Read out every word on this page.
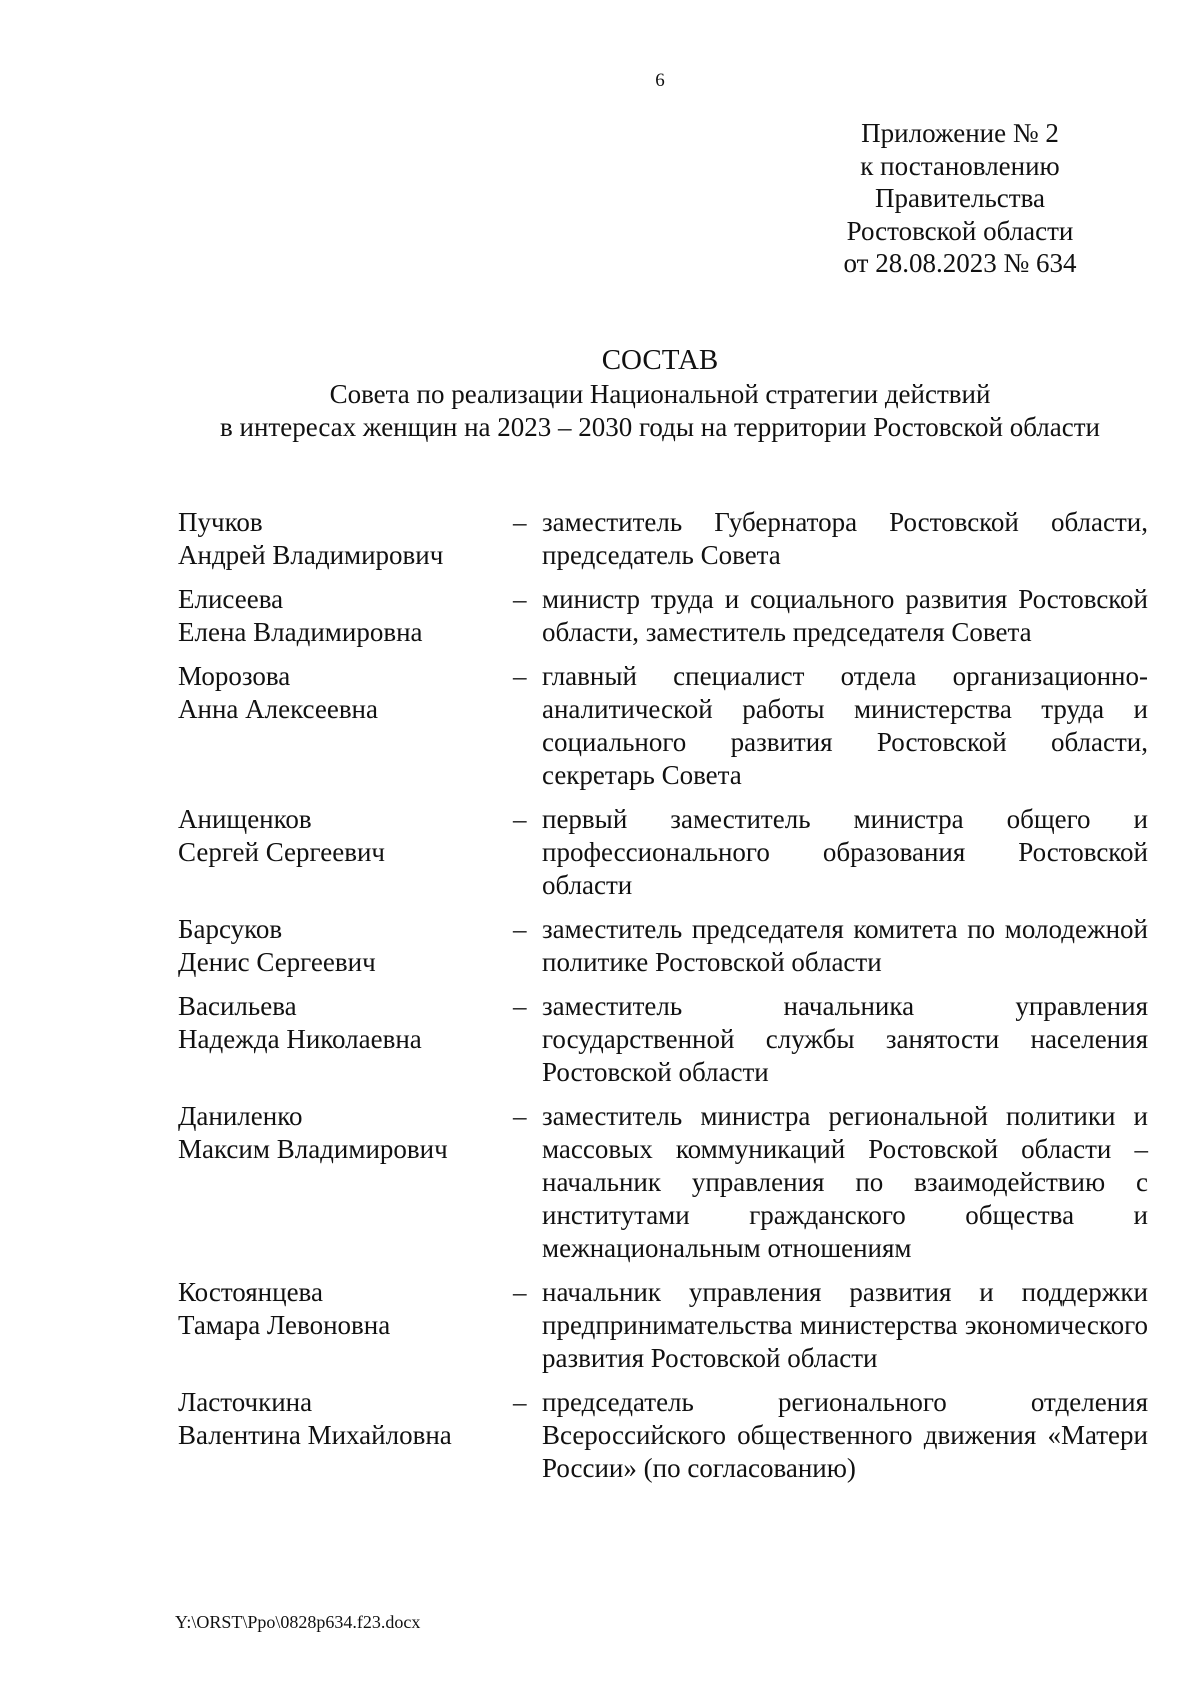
6
Приложение № 2
к постановлению
Правительства
Ростовской области
от 28.08.2023 № 634
СОСТАВ
Совета по реализации Национальной стратегии действий
в интересах женщин на 2023 – 2030 годы на территории Ростовской области
Пучков
Андрей Владимирович
– заместитель Губернатора Ростовской области, председатель Совета
Елисеева
Елена Владимировна
– министр труда и социального развития Ростовской области, заместитель председателя Совета
Морозова
Анна Алексеевна
– главный специалист отдела организационно-аналитической работы министерства труда и социального развития Ростовской области, секретарь Совета
Анищенков
Сергей Сергеевич
– первый заместитель министра общего и профессионального образования Ростовской области
Барсуков
Денис Сергеевич
– заместитель председателя комитета по молодежной политике Ростовской области
Васильева
Надежда Николаевна
– заместитель начальника управления государственной службы занятости населения Ростовской области
Даниленко
Максим Владимирович
– заместитель министра региональной политики и массовых коммуникаций Ростовской области – начальник управления по взаимодействию с институтами гражданского общества и межнациональным отношениям
Костоянцева
Тамара Левоновна
– начальник управления развития и поддержки предпринимательства министерства экономического развития Ростовской области
Ласточкина
Валентина Михайловна
– председатель регионального отделения Всероссийского общественного движения «Матери России» (по согласованию)
Y:\ORST\Ppo\0828p634.f23.docx
